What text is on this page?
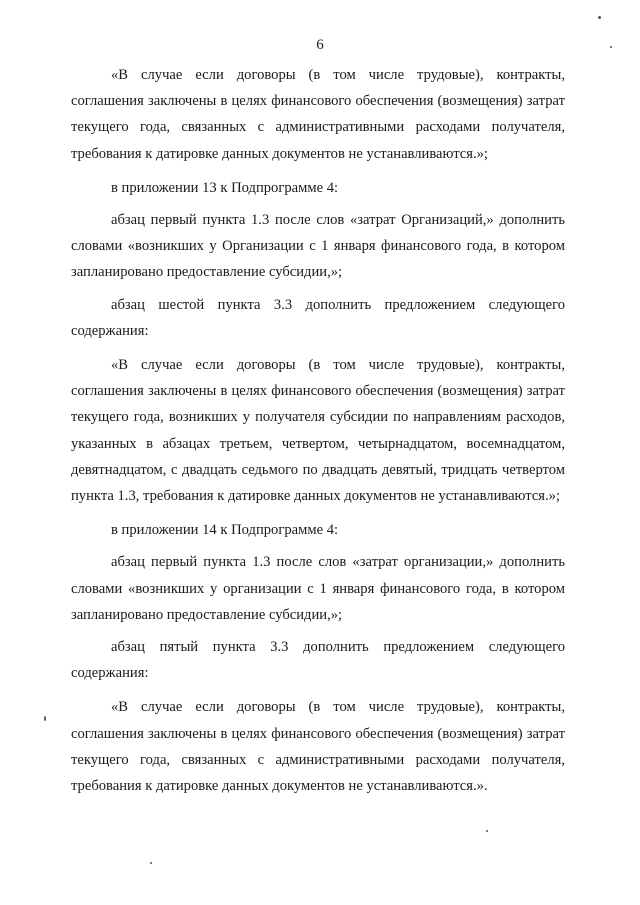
6

«В случае если договоры (в том числе трудовые), контракты, соглашения заключены в целях финансового обеспечения (возмещения) затрат текущего года, связанных с административными расходами получателя, требования к датировке данных документов не устанавливаются.»;

в приложении 13 к Подпрограмме 4:

абзац первый пункта 1.3 после слов «затрат Организаций,» дополнить словами «возникших у Организации с 1 января финансового года, в котором запланировано предоставление субсидии,»;

абзац шестой пункта 3.3 дополнить предложением следующего содержания:

«В случае если договоры (в том числе трудовые), контракты, соглашения заключены в целях финансового обеспечения (возмещения) затрат текущего года, возникших у получателя субсидии по направлениям расходов, указанных в абзацах третьем, четвертом, четырнадцатом, восемнадцатом, девятнадцатом, с двадцать седьмого по двадцать девятый, тридцать четвертом пункта 1.3, требования к датировке данных документов не устанавливаются.»;

в приложении 14 к Подпрограмме 4:

абзац первый пункта 1.3 после слов «затрат организации,» дополнить словами «возникших у организации с 1 января финансового года, в котором запланировано предоставление субсидии,»;

абзац пятый пункта 3.3 дополнить предложением следующего содержания:

«В случае если договоры (в том числе трудовые), контракты, соглашения заключены в целях финансового обеспечения (возмещения) затрат текущего года, связанных с административными расходами получателя, требования к датировке данных документов не устанавливаются.».
